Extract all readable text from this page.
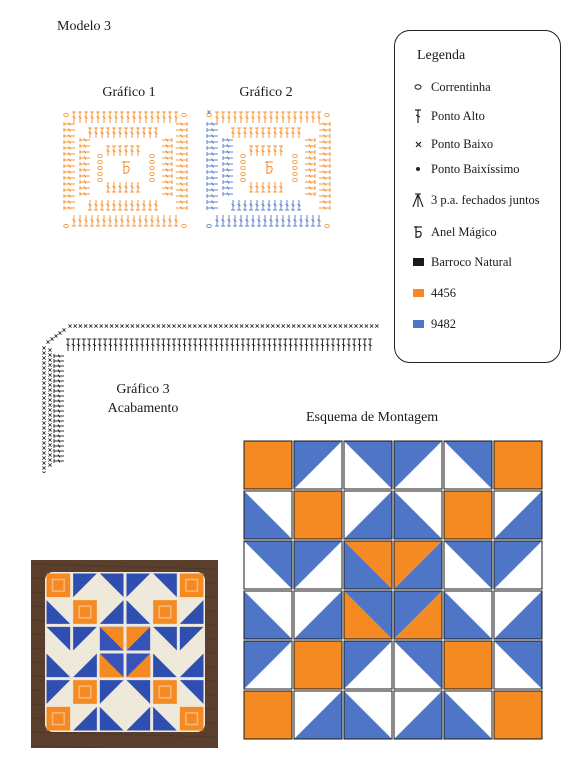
Modelo 3
Gráfico 1	Gráfico 2
Gráfico 3
Acabamento
Legenda
Correntinha
Ponto Alto
Ponto Baixo
Ponto Baixíssimo
3 p.a. fechados juntos
Anel Mágico
Barroco Natural
4456
9482
Esquema de Montagem
